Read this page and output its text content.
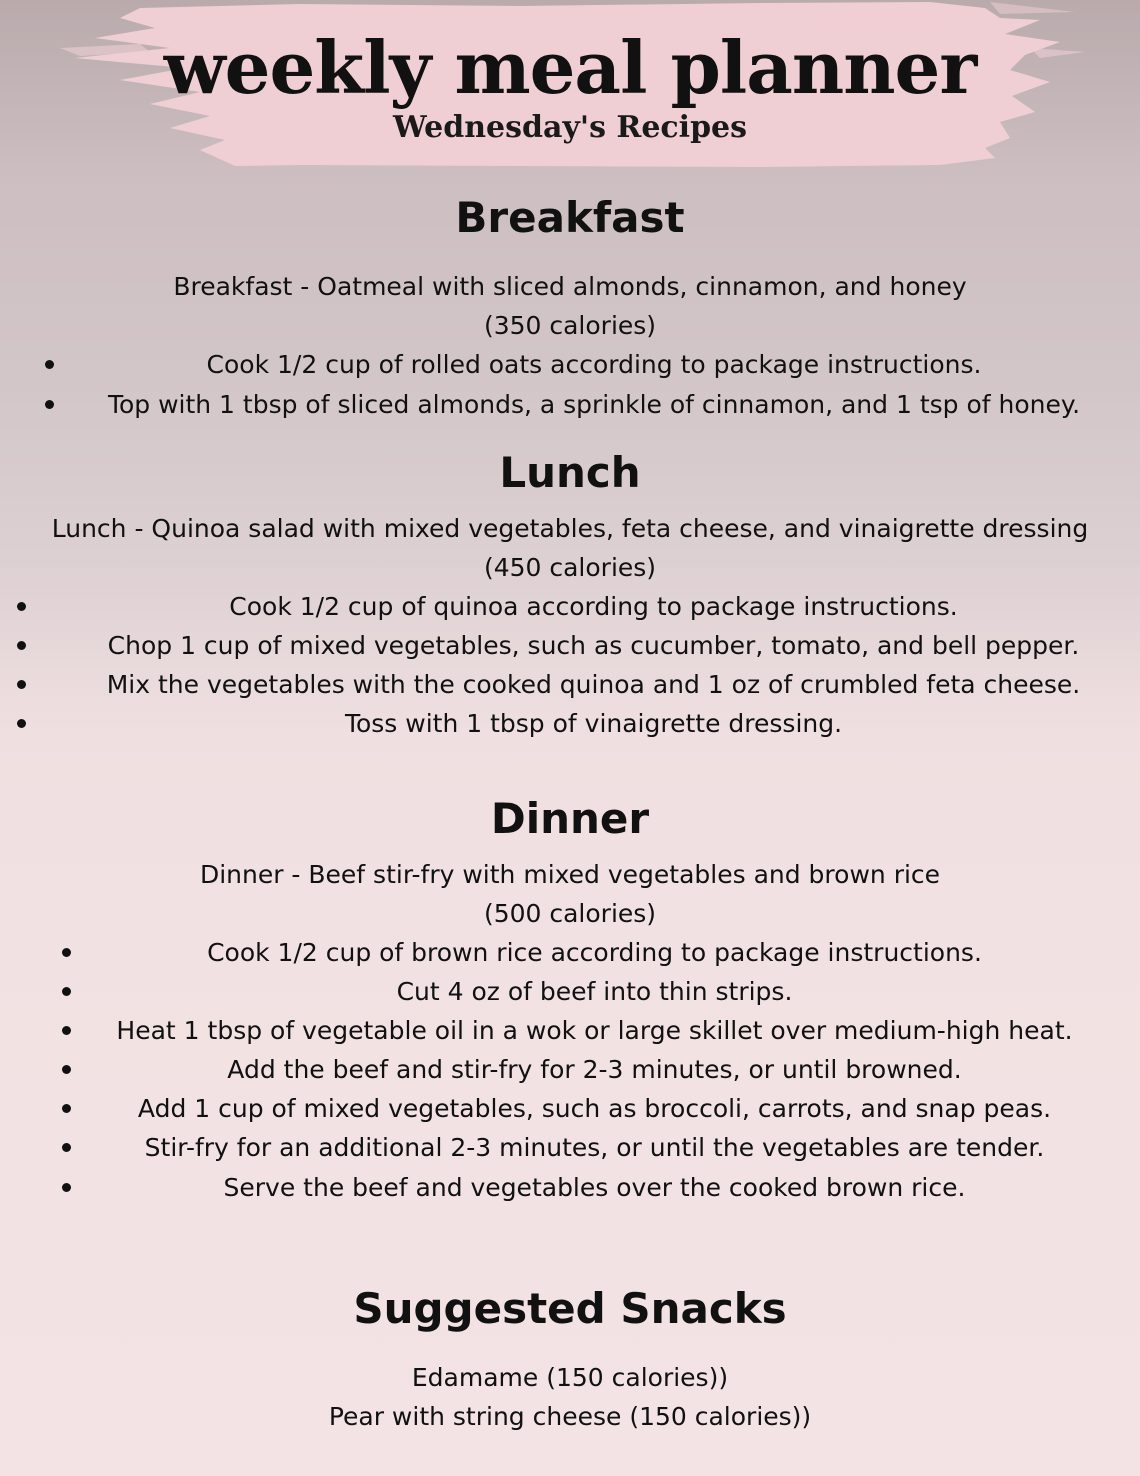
weekly meal planner
Wednesday's Recipes
Breakfast
Breakfast - Oatmeal with sliced almonds, cinnamon, and honey
(350 calories)
Cook 1/2 cup of rolled oats according to package instructions.
Top with 1 tbsp of sliced almonds, a sprinkle of cinnamon, and 1 tsp of honey.
Lunch
Lunch - Quinoa salad with mixed vegetables, feta cheese, and vinaigrette dressing
(450 calories)
Cook 1/2 cup of quinoa according to package instructions.
Chop 1 cup of mixed vegetables, such as cucumber, tomato, and bell pepper.
Mix the vegetables with the cooked quinoa and 1 oz of crumbled feta cheese.
Toss with 1 tbsp of vinaigrette dressing.
Dinner
Dinner - Beef stir-fry with mixed vegetables and brown rice
(500 calories)
Cook 1/2 cup of brown rice according to package instructions.
Cut 4 oz of beef into thin strips.
Heat 1 tbsp of vegetable oil in a wok or large skillet over medium-high heat.
Add the beef and stir-fry for 2-3 minutes, or until browned.
Add 1 cup of mixed vegetables, such as broccoli, carrots, and snap peas.
Stir-fry for an additional 2-3 minutes, or until the vegetables are tender.
Serve the beef and vegetables over the cooked brown rice.
Suggested Snacks
Edamame (150 calories))
Pear with string cheese (150 calories))
